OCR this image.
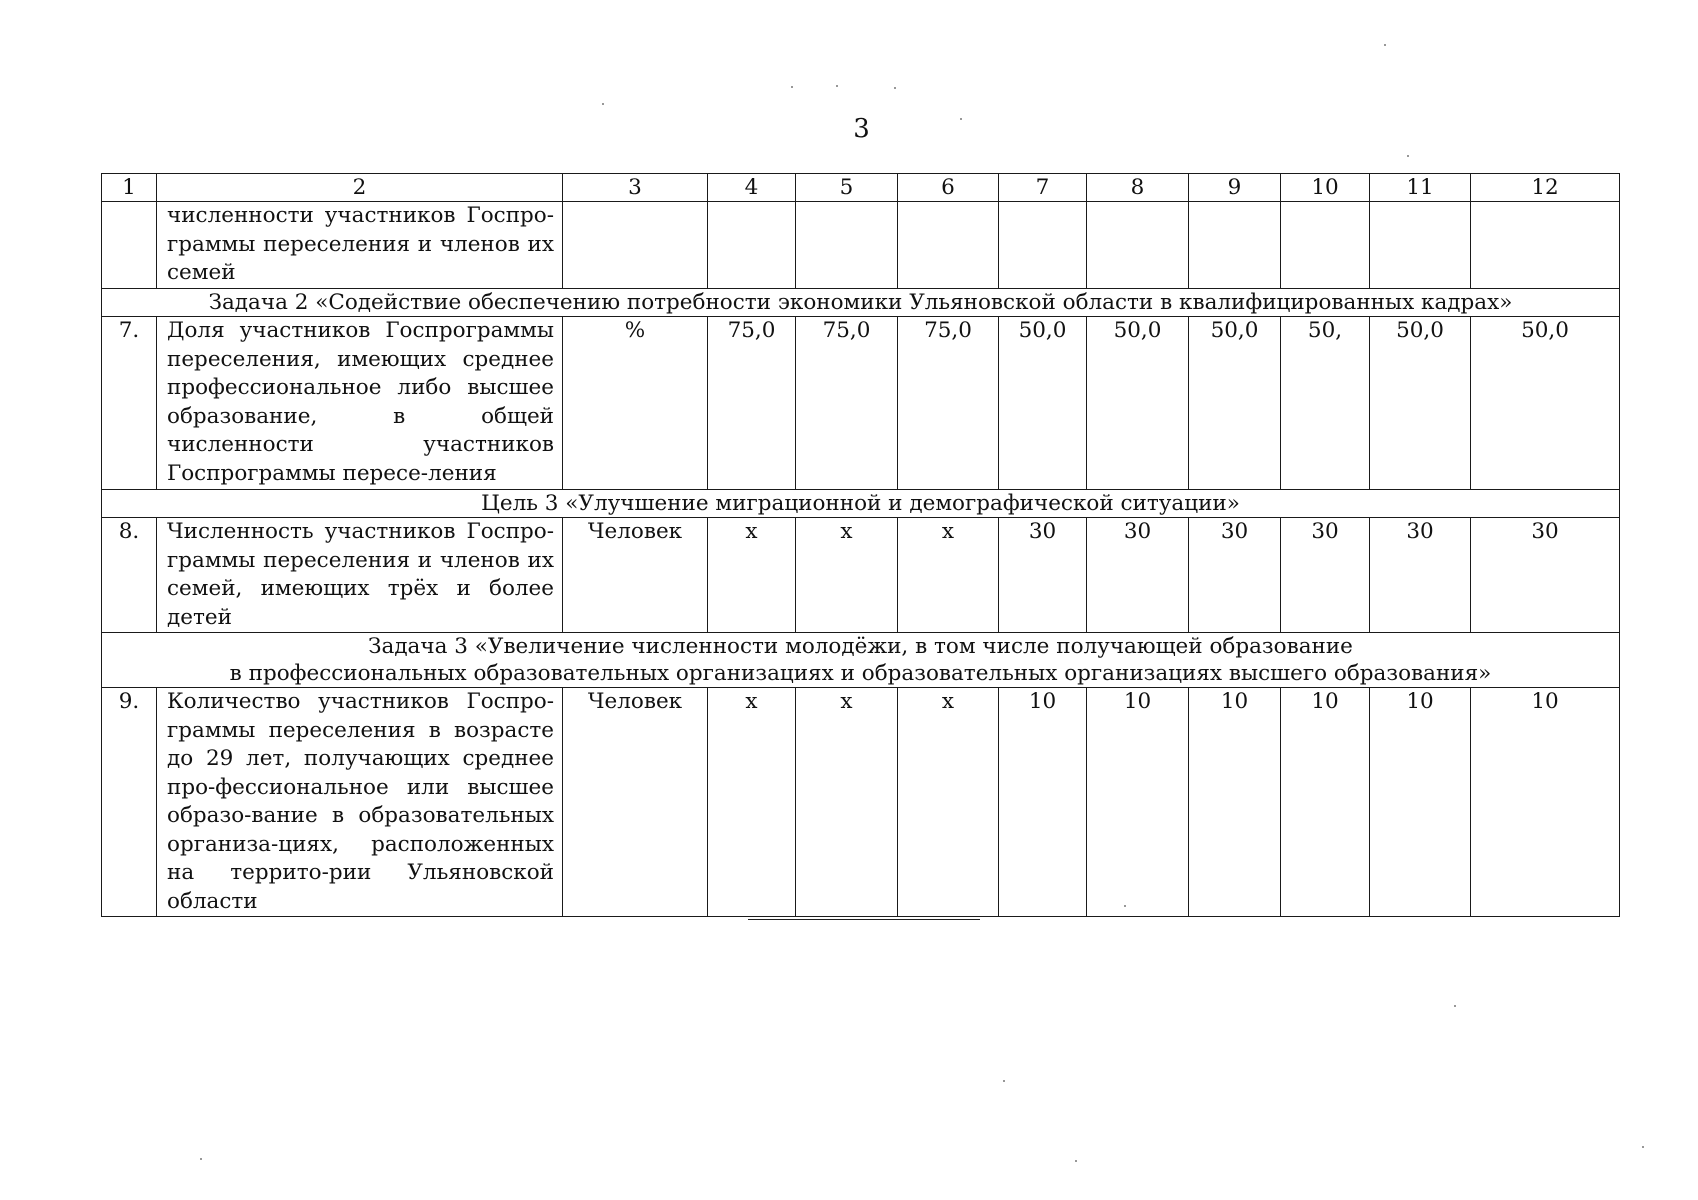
3
1	2	3	4	5	6	7	8	9	10	11	12
	численности участников Госпро-граммы переселения и членов их семей										
Задача 2 «Содействие обеспечению потребности экономики Ульяновской области в квалифицированных кадрах»											
7.	Доля участников Госпрограммы переселения, имеющих среднее профессиональное либо высшее образование, в общей численности участников Госпрограммы пересе-ления	%	75,0	75,0	75,0	50,0	50,0	50,0	50,	50,0	50,0
Цель 3 «Улучшение миграционной и демографической ситуации»											
8.	Численность участников Госпро-граммы переселения и членов их семей, имеющих трёх и более детей	Человек	х	х	х	30	30	30	30	30	30

Задача 3 «Увеличение численности молодёжи, в том числе получающей образование
в профессиональных образовательных организациях и образовательных организациях высшего образования»											

9.	Количество участников Госпро-граммы переселения в возрасте до 29 лет, получающих среднее про-фессиональное или высшее образо-вание в образовательных организа-циях, расположенных на террито-рии Ульяновской области	Человек	х	х	х	10	10	10	10	10	10
